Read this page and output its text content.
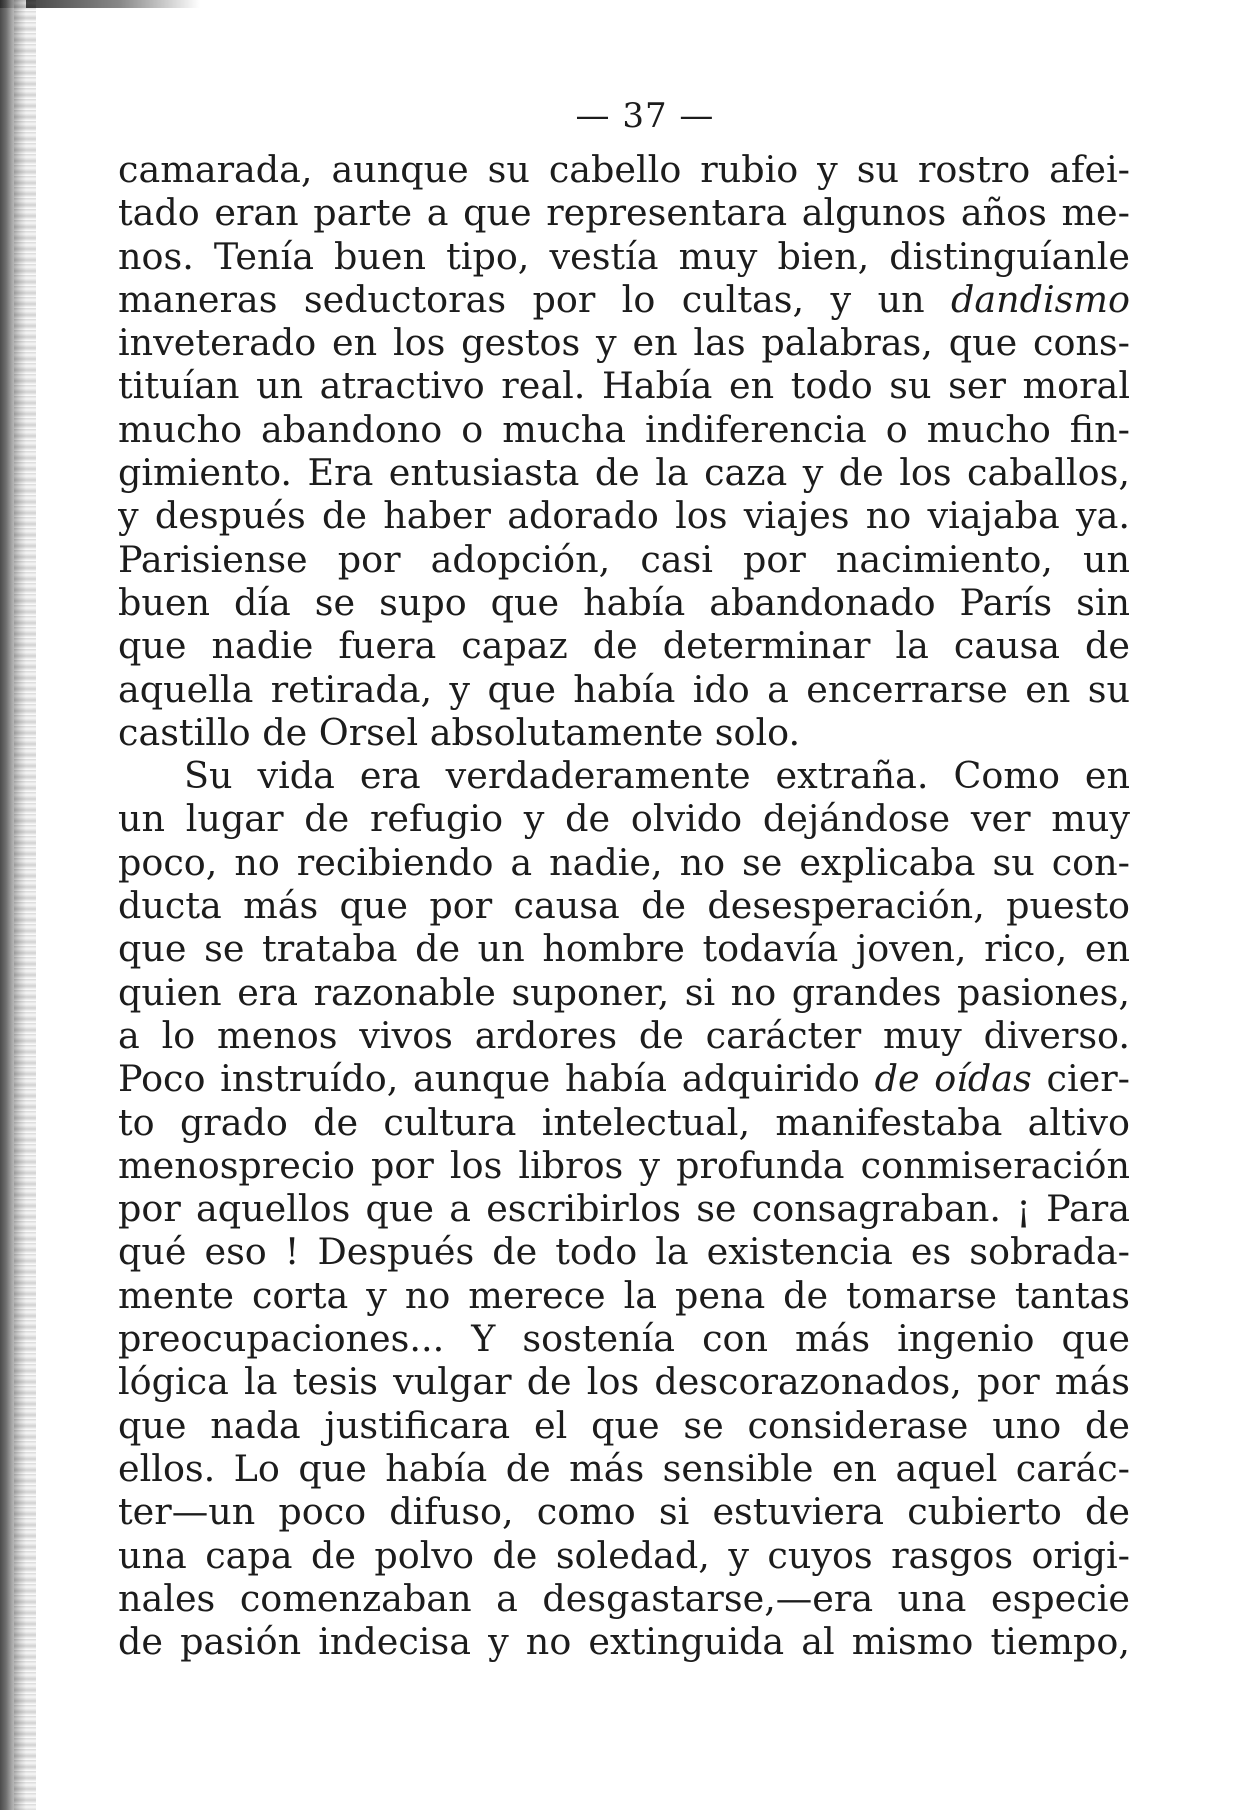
— 37 —
camarada, aunque su cabello rubio y su rostro afei-
tado eran parte a que representara algunos años me-
nos. Tenía buen tipo, vestía muy bien, distinguíanle
maneras seductoras por lo cultas, y un dandismo
inveterado en los gestos y en las palabras, que cons-
tituían un atractivo real. Había en todo su ser moral
mucho abandono o mucha indiferencia o mucho fin-
gimiento. Era entusiasta de la caza y de los caballos,
y después de haber adorado los viajes no viajaba ya.
Parisiense por adopción, casi por nacimiento, un
buen día se supo que había abandonado París sin
que nadie fuera capaz de determinar la causa de
aquella retirada, y que había ido a encerrarse en su
castillo de Orsel absolutamente solo.
Su vida era verdaderamente extraña. Como en
un lugar de refugio y de olvido dejándose ver muy
poco, no recibiendo a nadie, no se explicaba su con-
ducta más que por causa de desesperación, puesto
que se trataba de un hombre todavía joven, rico, en
quien era razonable suponer, si no grandes pasiones,
a lo menos vivos ardores de carácter muy diverso.
Poco instruído, aunque había adquirido de oídas cier-
to grado de cultura intelectual, manifestaba altivo
menosprecio por los libros y profunda conmiseración
por aquellos que a escribirlos se consagraban. ¡ Para
qué eso ! Después de todo la existencia es sobrada-
mente corta y no merece la pena de tomarse tantas
preocupaciones... Y sostenía con más ingenio que
lógica la tesis vulgar de los descorazonados, por más
que nada justificara el que se considerase uno de
ellos. Lo que había de más sensible en aquel carác-
ter—un poco difuso, como si estuviera cubierto de
una capa de polvo de soledad, y cuyos rasgos origi-
nales comenzaban a desgastarse,—era una especie
de pasión indecisa y no extinguida al mismo tiempo,
